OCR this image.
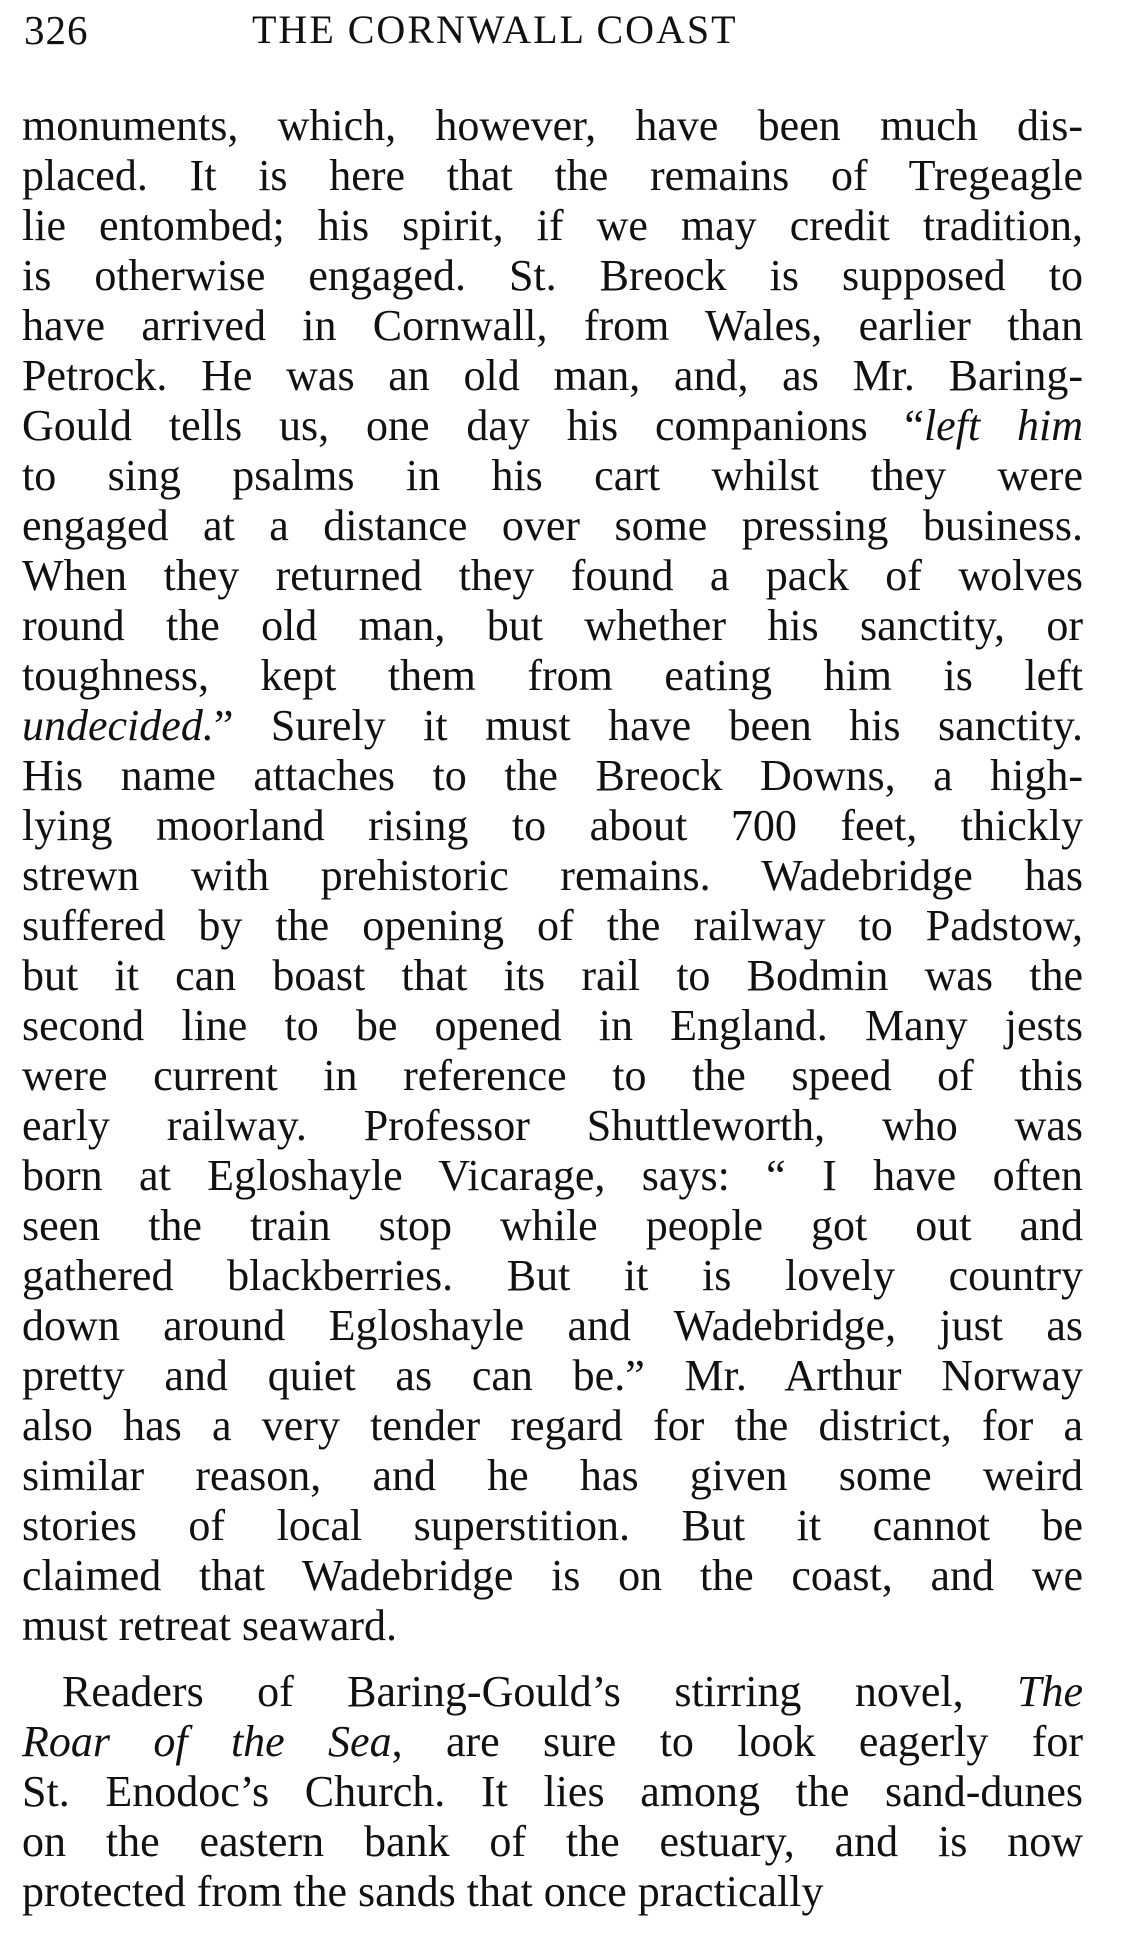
326	THE CORNWALL COAST
monuments, which, however, have been much dis-
placed. It is here that the remains of Tregeagle
lie entombed; his spirit, if we may credit tradition,
is otherwise engaged. St. Breock is supposed to
have arrived in Cornwall, from Wales, earlier than
Petrock. He was an old man, and, as Mr. Baring-
Gould tells us, one day his companions “left him
to sing psalms in his cart whilst they were
engaged at a distance over some pressing business.
When they returned they found a pack of wolves
round the old man, but whether his sanctity, or
toughness, kept them from eating him is left
undecided.” Surely it must have been his sanctity.
His name attaches to the Breock Downs, a high-
lying moorland rising to about 700 feet, thickly
strewn with prehistoric remains. Wadebridge has
suffered by the opening of the railway to Padstow,
but it can boast that its rail to Bodmin was the
second line to be opened in England. Many jests
were current in reference to the speed of this
early railway. Professor Shuttleworth, who was
born at Egloshayle Vicarage, says: “ I have often
seen the train stop while people got out and
gathered blackberries. But it is lovely country
down around Egloshayle and Wadebridge, just as
pretty and quiet as can be.” Mr. Arthur Norway
also has a very tender regard for the district, for a
similar reason, and he has given some weird
stories of local superstition. But it cannot be
claimed that Wadebridge is on the coast, and we
must retreat seaward.
Readers of Baring-Gould’s stirring novel, The
Roar of the Sea, are sure to look eagerly for
St. Enodoc’s Church. It lies among the sand-dunes
on the eastern bank of the estuary, and is now
protected from the sands that once practically
